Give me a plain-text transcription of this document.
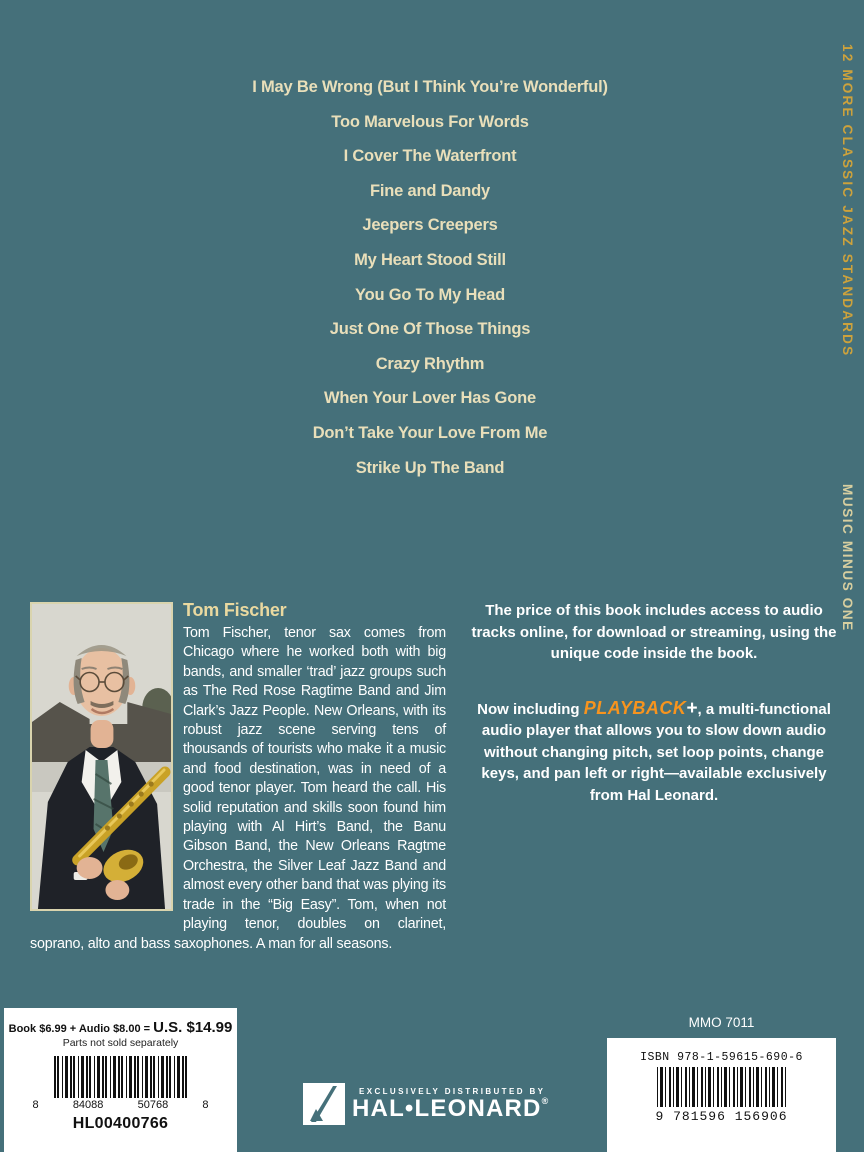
I May Be Wrong (But I Think You’re Wonderful)
Too Marvelous For Words
I Cover The Waterfront
Fine and Dandy
Jeepers Creepers
My Heart Stood Still
You Go To My Head
Just One Of Those Things
Crazy Rhythm
When Your Lover Has Gone
Don’t Take Your Love From Me
Strike Up The Band
12 MORE CLASSIC JAZZ STANDARDS
MUSIC MINUS ONE
Tom Fischer

Tom Fischer, tenor sax comes from Chicago where he worked both with big bands, and smaller ‘trad’ jazz groups such as The Red Rose Ragtime Band and Jim Clark’s Jazz People. New Orleans, with its robust jazz scene serving tens of thousands of tourists who make it a music and food destination, was in need of a good tenor player. Tom heard the call. His solid reputation and skills soon found him playing with Al Hirt’s Band, the Banu Gibson Band, the New Orleans Ragtme Orchestra, the Silver Leaf Jazz Band and almost every other band that was plying its trade in the “Big Easy”. Tom, when not playing tenor, doubles on clarinet, soprano, alto and bass saxophones. A man for all seasons.

The price of this book includes access to audio tracks online, for download or streaming, using the unique code inside the book.

Now including PLAYBACK+, a multi-functional audio player that allows you to slow down audio without changing pitch, set loop points, change keys, and pan left or right—available exclusively from Hal Leonard.

Book $6.99 + Audio $8.00 = U.S. $14.99
Parts not sold separately
8	84088	50768	8
HL00400766
EXCLUSIVELY DISTRIBUTED BY
HAL•LEONARD®
MMO 7011
ISBN 978-1-59615-690-6
9 781596 156906
